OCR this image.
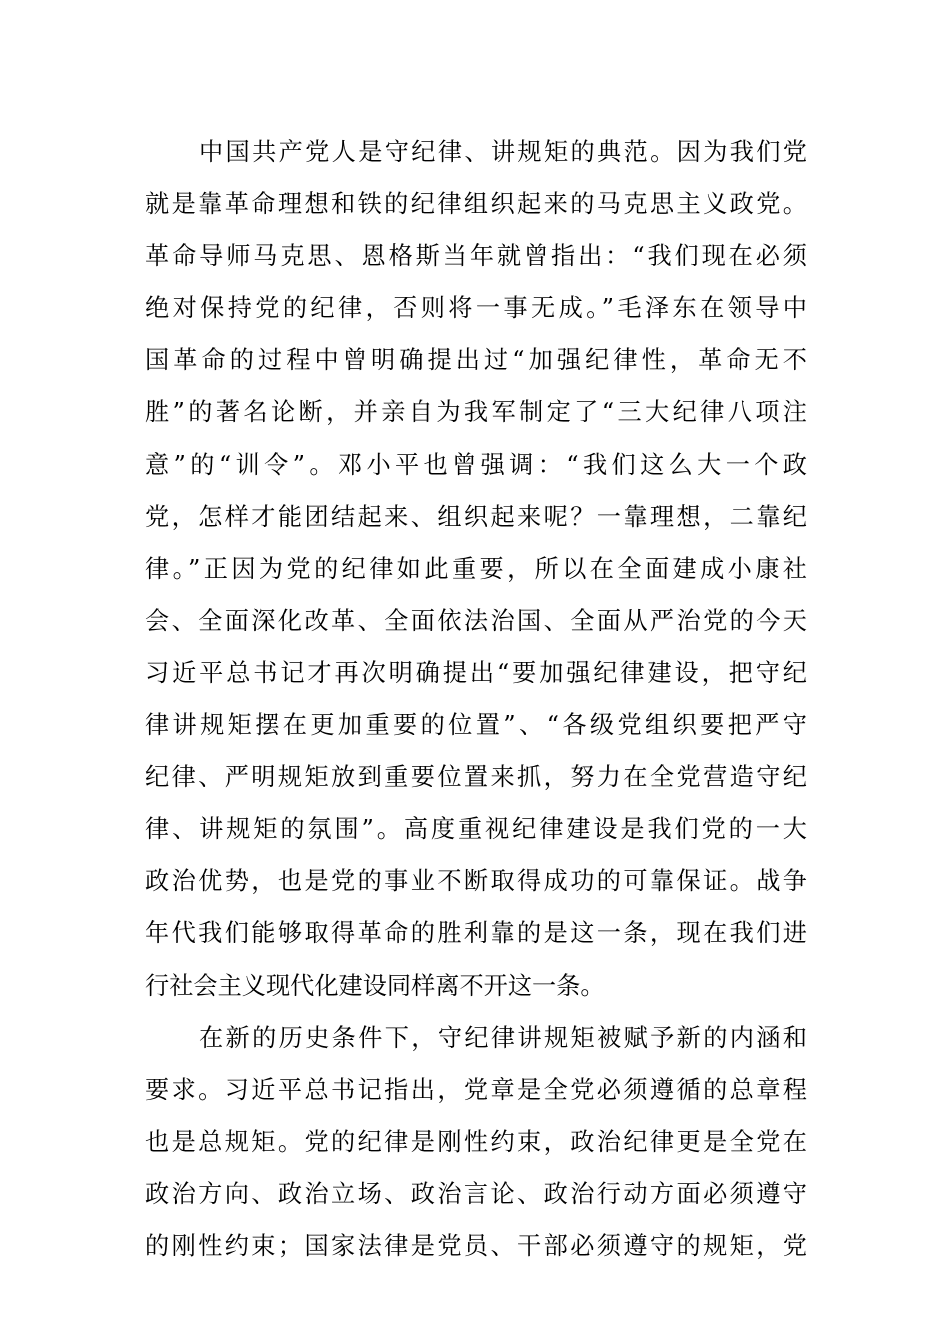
中国共产党人是守纪律、讲规矩的典范。因为我们党
就是靠革命理想和铁的纪律组织起来的马克思主义政党。
革命导师马克思、恩格斯当年就曾指出：“我们现在必须
绝对保持党的纪律，否则将一事无成。”毛泽东在领导中
国革命的过程中曾明确提出过“加强纪律性，革命无不
胜”的著名论断，并亲自为我军制定了“三大纪律八项注
意”的“训令”。邓小平也曾强调：“我们这么大一个政
党，怎样才能团结起来、组织起来呢？一靠理想，二靠纪
律。”正因为党的纪律如此重要，所以在全面建成小康社
会、全面深化改革、全面依法治国、全面从严治党的今天
习近平总书记才再次明确提出“要加强纪律建设，把守纪
律讲规矩摆在更加重要的位置”、“各级党组织要把严守
纪律、严明规矩放到重要位置来抓，努力在全党营造守纪
律、讲规矩的氛围”。高度重视纪律建设是我们党的一大
政治优势，也是党的事业不断取得成功的可靠保证。战争
年代我们能够取得革命的胜利靠的是这一条，现在我们进
行社会主义现代化建设同样离不开这一条。
在新的历史条件下，守纪律讲规矩被赋予新的内涵和
要求。习近平总书记指出，党章是全党必须遵循的总章程
也是总规矩。党的纪律是刚性约束，政治纪律更是全党在
政治方向、政治立场、政治言论、政治行动方面必须遵守
的刚性约束；国家法律是党员、干部必须遵守的规矩，党
